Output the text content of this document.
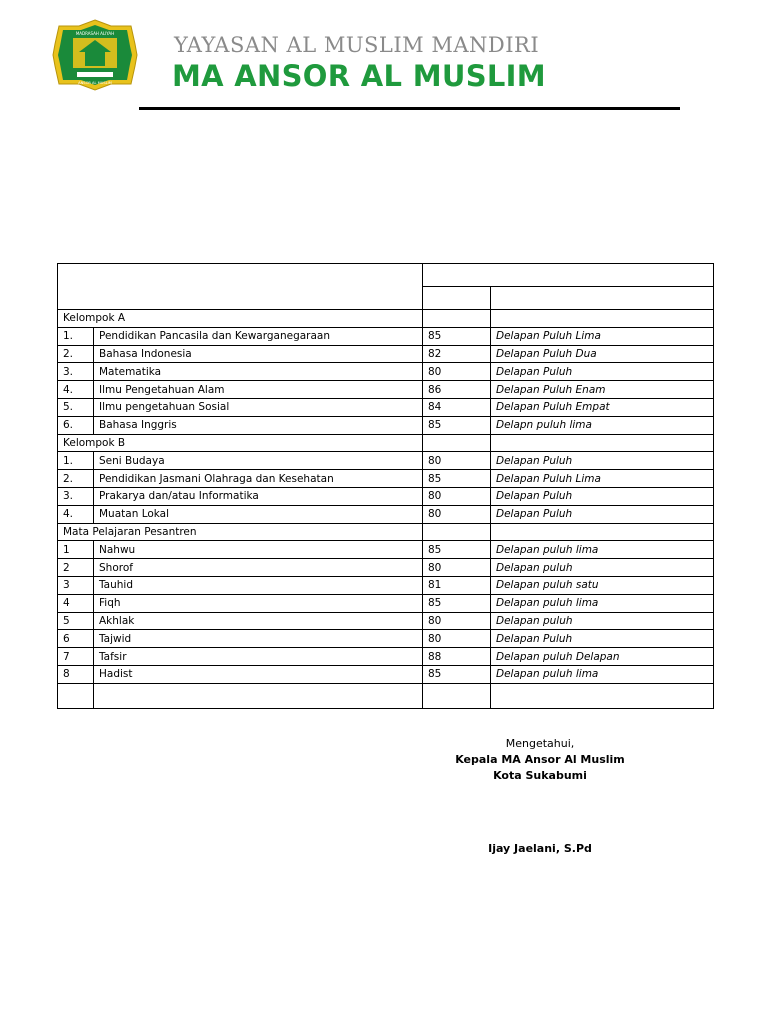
MADRASAH ALIYAH
ANSOR AL MUSLIM
YAYASAN AL MUSLIM MANDIRI
MA ANSOR AL MUSLIM

Kelompok A			
1.	Pendidikan Pancasila dan Kewarganegaraan	85	Delapan Puluh Lima
2.	Bahasa Indonesia	82	Delapan Puluh Dua
3.	Matematika	80	Delapan Puluh
4.	Ilmu Pengetahuan Alam	86	Delapan Puluh Enam
5.	Ilmu pengetahuan Sosial	84	Delapan Puluh Empat
6.	Bahasa Inggris	85	Delapn puluh lima
Kelompok B			
1.	Seni Budaya	80	Delapan Puluh
2.	Pendidikan Jasmani Olahraga dan Kesehatan	85	Delapan Puluh Lima
3.	Prakarya dan/atau Informatika	80	Delapan Puluh
4.	Muatan Lokal	80	Delapan Puluh
Mata Pelajaran Pesantren			
1	Nahwu	85	Delapan puluh lima
2	Shorof	80	Delapan puluh
3	Tauhid	81	Delapan puluh satu
4	Fiqh	85	Delapan puluh lima
5	Akhlak	80	Delapan puluh
6	Tajwid	80	Delapan Puluh
7	Tafsir	88	Delapan puluh Delapan
8	Hadist	85	Delapan puluh lima

Mengetahui,
Kepala MA Ansor Al Muslim
Kota Sukabumi
Ijay Jaelani, S.Pd
